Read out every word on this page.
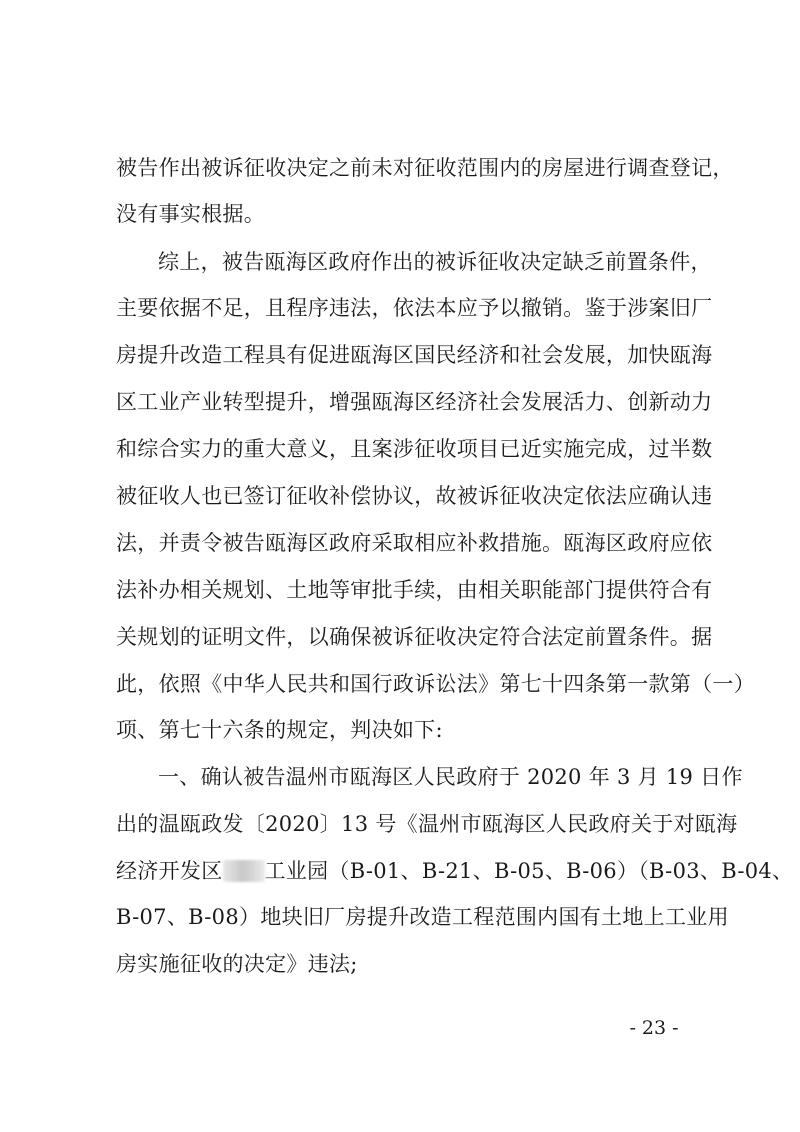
被告作出被诉征收决定之前未对征收范围内的房屋进行调查登记，
没有事实根据。
综上，被告瓯海区政府作出的被诉征收决定缺乏前置条件，
主要依据不足，且程序违法，依法本应予以撤销。鉴于涉案旧厂
房提升改造工程具有促进瓯海区国民经济和社会发展，加快瓯海
区工业产业转型提升，增强瓯海区经济社会发展活力、创新动力
和综合实力的重大意义，且案涉征收项目已近实施完成，过半数
被征收人也已签订征收补偿协议，故被诉征收决定依法应确认违
法，并责令被告瓯海区政府采取相应补救措施。瓯海区政府应依
法补办相关规划、土地等审批手续，由相关职能部门提供符合有
关规划的证明文件，以确保被诉征收决定符合法定前置条件。据
此，依照《中华人民共和国行政诉讼法》第七十四条第一款第（一）
项、第七十六条的规定，判决如下:
一、确认被告温州市瓯海区人民政府于 2020 年 3 月 19 日作
出的温瓯政发〔2020〕13 号《温州市瓯海区人民政府关于对瓯海
经济开发区 工业园（B-01、B-21、B-05、B-06）（B-03、B-04、
B-07、B-08）地块旧厂房提升改造工程范围内国有土地上工业用
房实施征收的决定》违法;
- 23 -
